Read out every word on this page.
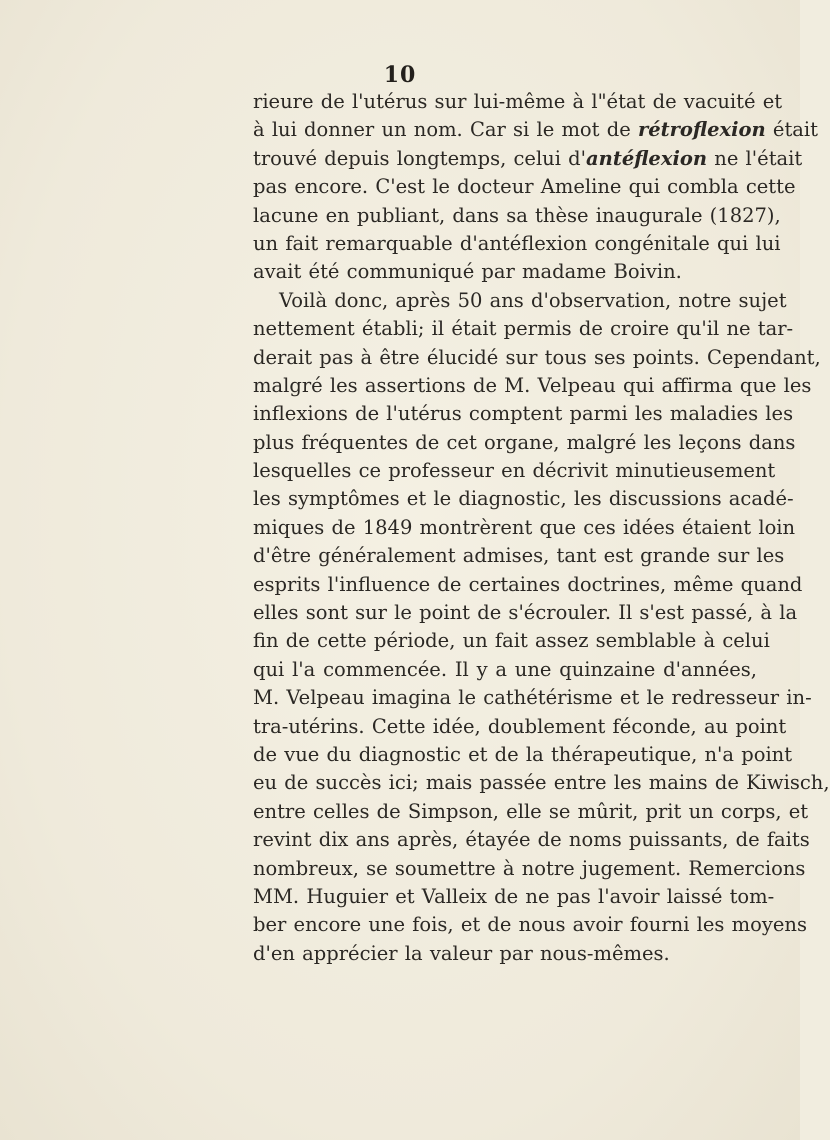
10
rieure de l'utérus sur lui-même à l"état de vacuité et
à lui donner un nom. Car si le mot de rétroflexion était
trouvé depuis longtemps, celui d'antéflexion ne l'était
pas encore. C'est le docteur Ameline qui combla cette
lacune en publiant, dans sa thèse inaugurale (1827),
un fait remarquable d'antéflexion congénitale qui lui
avait été communiqué par madame Boivin.
Voilà donc, après 50 ans d'observation, notre sujet
nettement établi; il était permis de croire qu'il ne tar-
derait pas à être élucidé sur tous ses points. Cependant,
malgré les assertions de M. Velpeau qui affirma que les
inflexions de l'utérus comptent parmi les maladies les
plus fréquentes de cet organe, malgré les leçons dans
lesquelles ce professeur en décrivit minutieusement
les symptômes et le diagnostic, les discussions acadé-
miques de 1849 montrèrent que ces idées étaient loin
d'être généralement admises, tant est grande sur les
esprits l'influence de certaines doctrines, même quand
elles sont sur le point de s'écrouler. Il s'est passé, à la
fin de cette période, un fait assez semblable à celui
qui l'a commencée. Il y a une quinzaine d'années,
M. Velpeau imagina le cathétérisme et le redresseur in-
tra-utérins. Cette idée, doublement féconde, au point
de vue du diagnostic et de la thérapeutique, n'a point
eu de succès ici; mais passée entre les mains de Kiwisch,
entre celles de Simpson, elle se mûrit, prit un corps, et
revint dix ans après, étayée de noms puissants, de faits
nombreux, se soumettre à notre jugement. Remercions
MM. Huguier et Valleix de ne pas l'avoir laissé tom-
ber encore une fois, et de nous avoir fourni les moyens
d'en apprécier la valeur par nous-mêmes.
